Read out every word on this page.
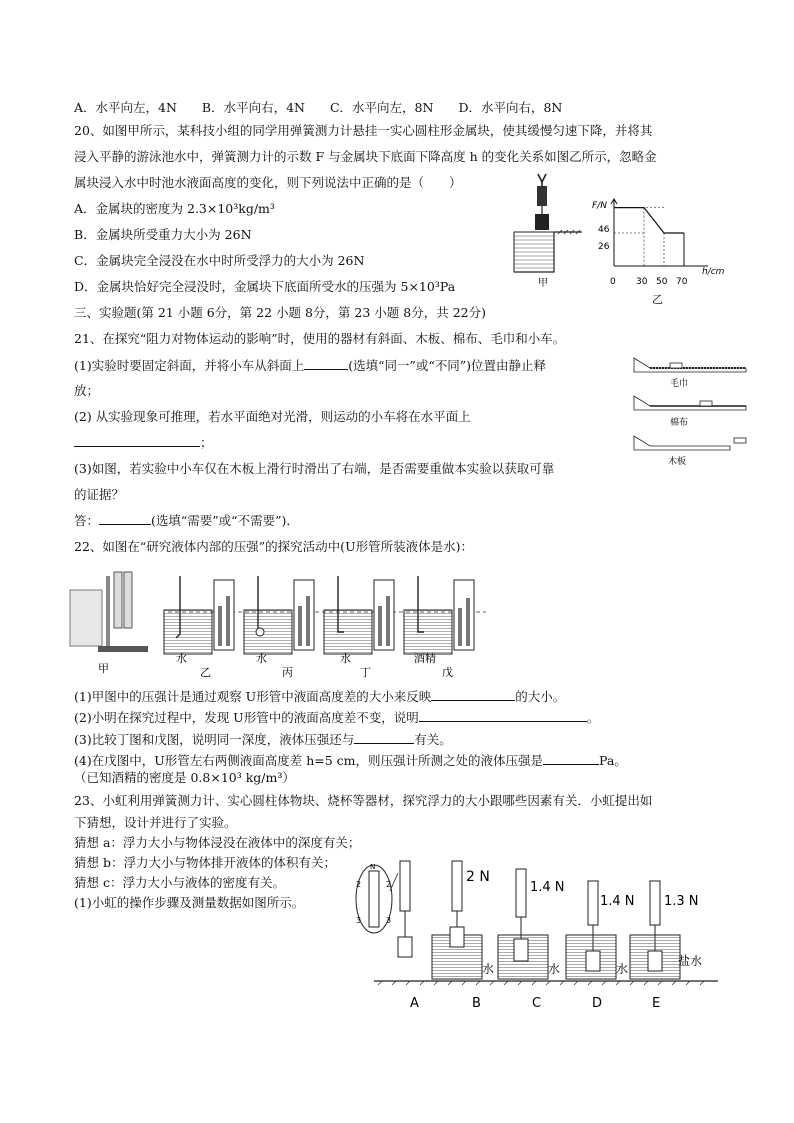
A．水平向左，4N　　B．水平向右，4N　　C．水平向左，8N　　D．水平向右，8N
20、如图甲所示，某科技小组的同学用弹簧测力计悬挂一实心圆柱形金属块，使其缓慢匀速下降，并将其
浸入平静的游泳池水中，弹簧测力计的示数 F 与金属块下底面下降高度 h 的变化关系如图乙所示，忽略金
属块浸入水中时池水液面高度的变化，则下列说法中正确的是（　　）
A．金属块的密度为 2.3×10³kg/m³
B．金属块所受重力大小为 26N
C．金属块完全浸没在水中时所受浮力的大小为 26N
D．金属块恰好完全浸没时，金属块下底面所受水的压强为 5×10³Pa	甲
F/N
h/cm
0 30 50 70
46
26
乙
三、实验题(第 21 小题 6分，第 22 小题 8分，第 23 小题 8分，共 22分)
21、在探究“阻力对物体运动的影响”时，使用的器材有斜面、木板、棉布、毛巾和小车。
(1)实验时要固定斜面，并将小车从斜面上	(选填“同一”或“不同”)位置由静止释
放；
(2) 从实验现象可推理，若水平面绝对光滑，则运动的小车将在水平面上
；
(3)如图，若实验中小车仅在木板上滑行时滑出了右端，是否需要重做本实验以获取可靠
的证据？
答：	(选填“需要”或“不需要”)．
毛巾
棉布
木板
22、如图在“研究液体内部的压强”的探究活动中(U形管所装液体是水)：
甲
水	水	水	酒精
乙	丙	丁	戊
(1)甲图中的压强计是通过观察 U形管中液面高度差的大小来反映	的大小。
(2)小明在探究过程中，发现 U形管中的液面高度差不变，说明	。
(3)比较丁图和戊图，说明同一深度，液体压强还与	有关。
(4)在戊图中，U形管左右两侧液面高度差 h=5 cm，则压强计所测之处的液体压强是	Pa。
（已知酒精的密度是 0.8×10³ kg/m³）
23、小虹利用弹簧测力计、实心圆柱体物块、烧杯等器材，探究浮力的大小跟哪些因素有关．小虹提出如
下猜想，设计并进行了实验。
猜想 a：浮力大小与物体浸没在液体中的深度有关；
猜想 b：浮力大小与物体排开液体的体积有关；
猜想 c：浮力大小与液体的密度有关。
(1)小虹的操作步骤及测量数据如图所示。
2	2
N
3	3
2 N
水
1.4 N
水
1.4 N
水
1.3 N
盐水
A	B	C	D	E
